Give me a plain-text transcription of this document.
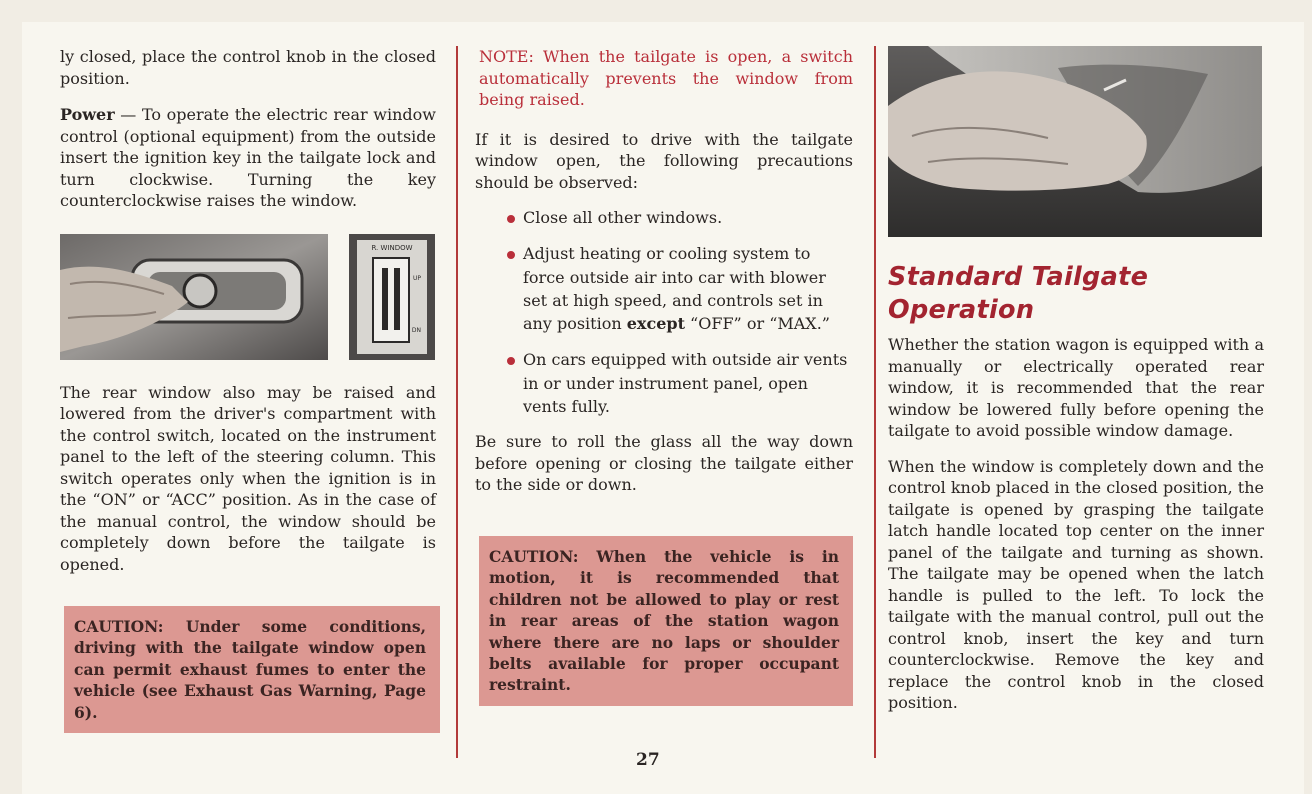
ly closed, place the control knob in the closed position.

Power — To operate the electric rear window control (optional equipment) from the outside insert the ignition key in the tailgate lock and turn clockwise. Turning the key counterclockwise raises the window.

R. WINDOW
UP
DN

The rear window also may be raised and lowered from the driver's compartment with the control switch, located on the instrument panel to the left of the steering column. This switch operates only when the ignition is in the “ON” or “ACC” position. As in the case of the manual control, the window should be completely down before the tailgate is opened.

CAUTION: Under some conditions, driving with the tailgate window open can permit exhaust fumes to enter the vehicle (see Exhaust Gas Warning, Page 6).

NOTE: When the tailgate is open, a switch automatically prevents the window from being raised.

If it is desired to drive with the tailgate window open, the following precautions should be observed:

Close all other windows.
Adjust heating or cooling system to force outside air into car with blower set at high speed, and controls set in any position except “OFF” or “MAX.”
On cars equipped with outside air vents in or under instrument panel, open vents fully.

Be sure to roll the glass all the way down before opening or closing the tailgate either to the side or down.

CAUTION: When the vehicle is in motion, it is recommended that children not be allowed to play or rest in rear areas of the station wagon where there are no laps or shoulder belts available for proper occupant restraint.
Standard Tailgate
Operation

Whether the station wagon is equipped with a manually or electrically operated rear window, it is recommended that the rear window be lowered fully before opening the tailgate to avoid possible window damage.

When the window is completely down and the control knob placed in the closed position, the tailgate is opened by grasping the tailgate latch handle located top center on the inner panel of the tailgate and turning as shown. The tailgate may be opened when the latch handle is pulled to the left. To lock the tailgate with the manual control, pull out the control knob, insert the key and turn counterclockwise. Remove the key and replace the control knob in the closed position.

27
